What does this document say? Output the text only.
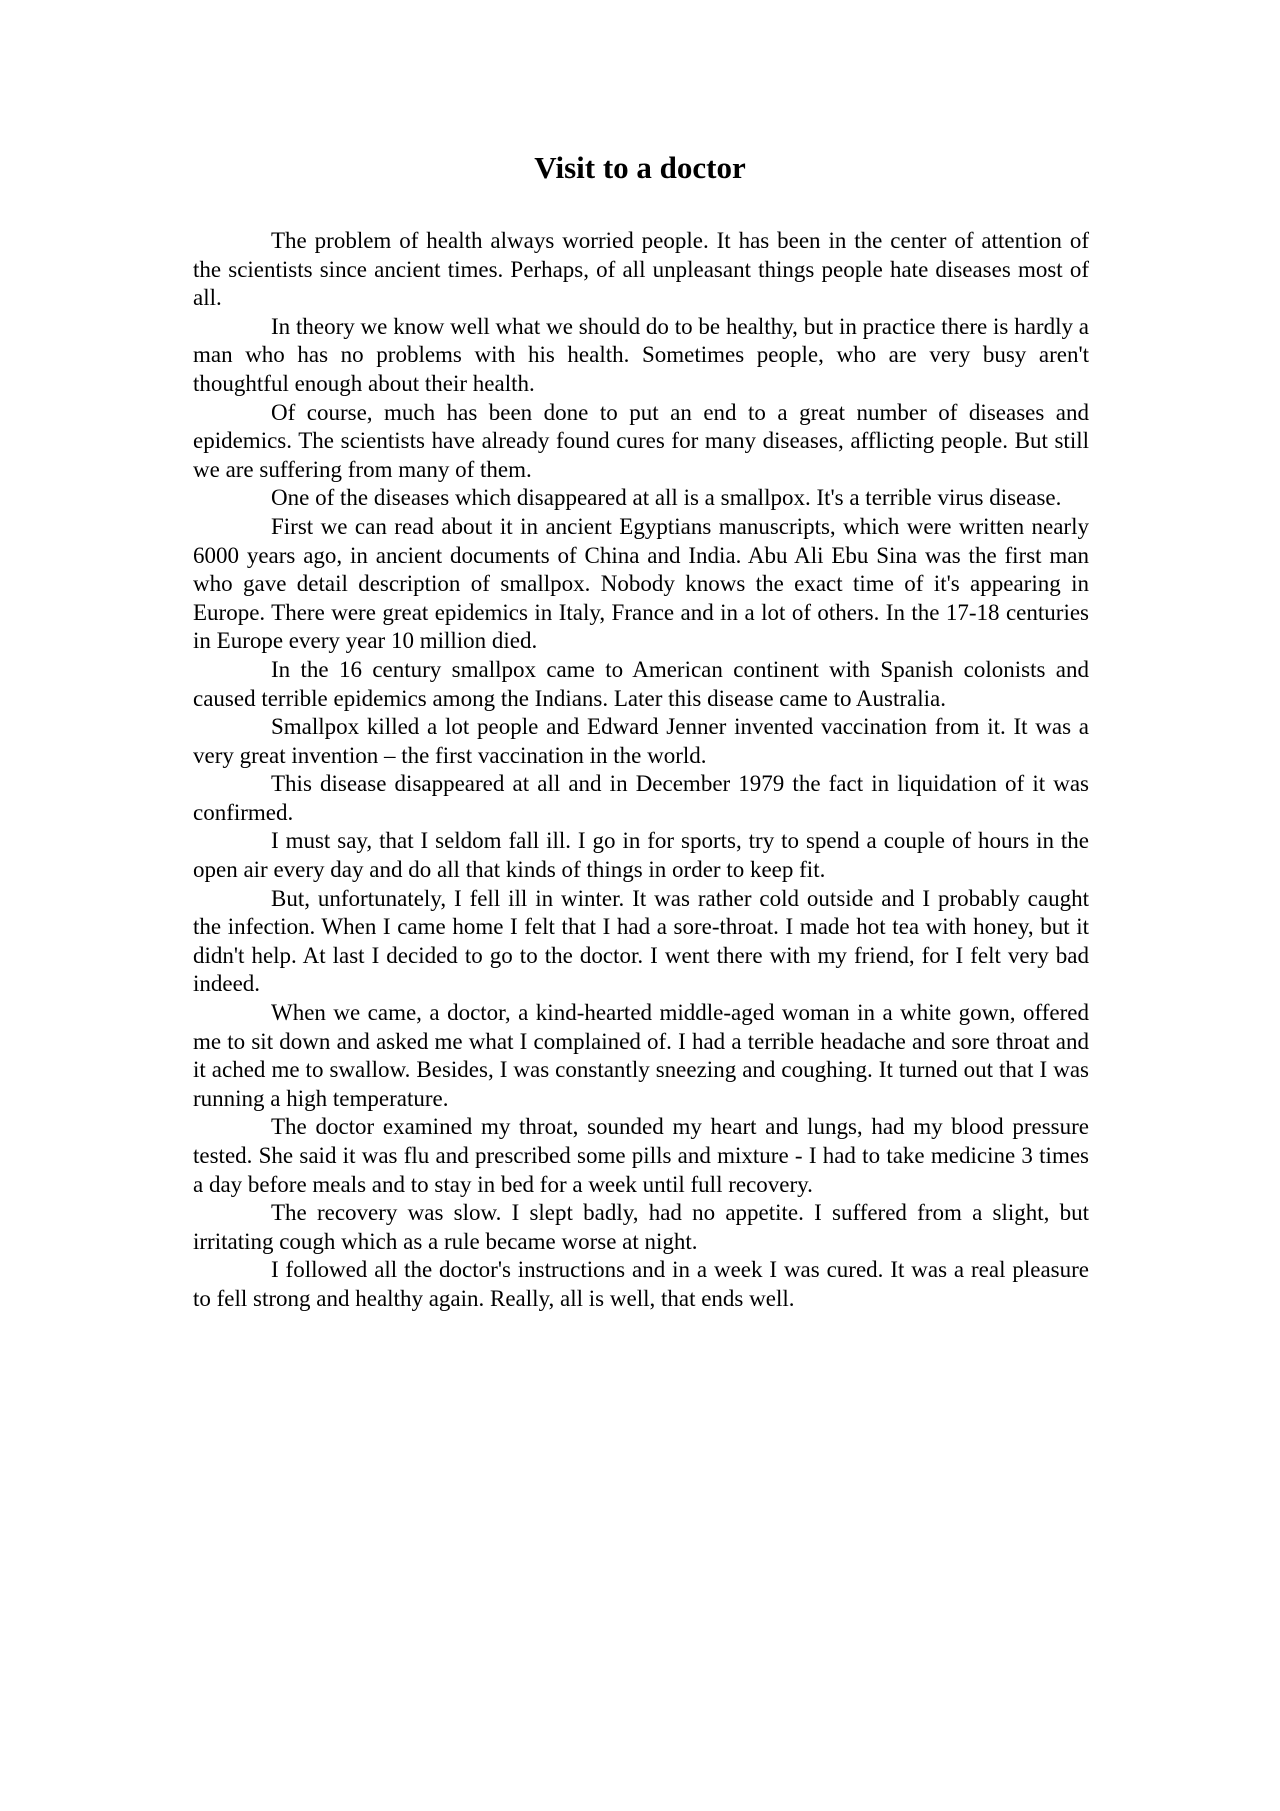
Visit to a doctor

The problem of health always worried people. It has been in the center of attention of the scientists since ancient times. Perhaps, of all unpleasant things people hate diseases most of all.

In theory we know well what we should do to be healthy, but in practice there is hardly a man who has no problems with his health. Sometimes people, who are very busy aren't thoughtful enough about their health.

Of course, much has been done to put an end to a great number of diseases and epidemics. The scientists have already found cures for many diseases, afflicting people. But still we are suffering from many of them.

One of the diseases which disappeared at all is a smallpox. It's a terrible virus disease.

First we can read about it in ancient Egyptians manuscripts, which were written nearly 6000 years ago, in ancient documents of China and India. Abu Ali Ebu Sina was the first man who gave detail description of smallpox. Nobody knows the exact time of it's appearing in Europe. There were great epidemics in Italy, France and in a lot of others. In the 17-18 centuries in Europe every year 10 million died.

In the 16 century smallpox came to American continent with Spanish colonists and caused terrible epidemics among the Indians. Later this disease came to Australia.

Smallpox killed a lot people and Edward Jenner invented vaccination from it. It was a very great invention – the first vaccination in the world.

This disease disappeared at all and in December 1979 the fact in liquidation of it was confirmed.

I must say, that I seldom fall ill. I go in for sports, try to spend a couple of hours in the open air every day and do all that kinds of things in order to keep fit.

But, unfortunately, I fell ill in winter. It was rather cold outside and I probably caught the infection. When I came home I felt that I had a sore-throat. I made hot tea with honey, but it didn't help. At last I decided to go to the doctor. I went there with my friend, for I felt very bad indeed.

When we came, a doctor, a kind-hearted middle-aged woman in a white gown, offered me to sit down and asked me what I complained of. I had a terrible headache and sore throat and it ached me to swallow. Besides, I was constantly sneezing and coughing. It turned out that I was running a high temperature.

The doctor examined my throat, sounded my heart and lungs, had my blood pressure tested. She said it was flu and prescribed some pills and mixture - I had to take medicine 3 times a day before meals and to stay in bed for a week until full recovery.

The recovery was slow. I slept badly, had no appetite. I suffered from a slight, but irritating cough which as a rule became worse at night.

I followed all the doctor's instructions and in a week I was cured. It was a real pleasure to fell strong and healthy again. Really, all is well, that ends well.
